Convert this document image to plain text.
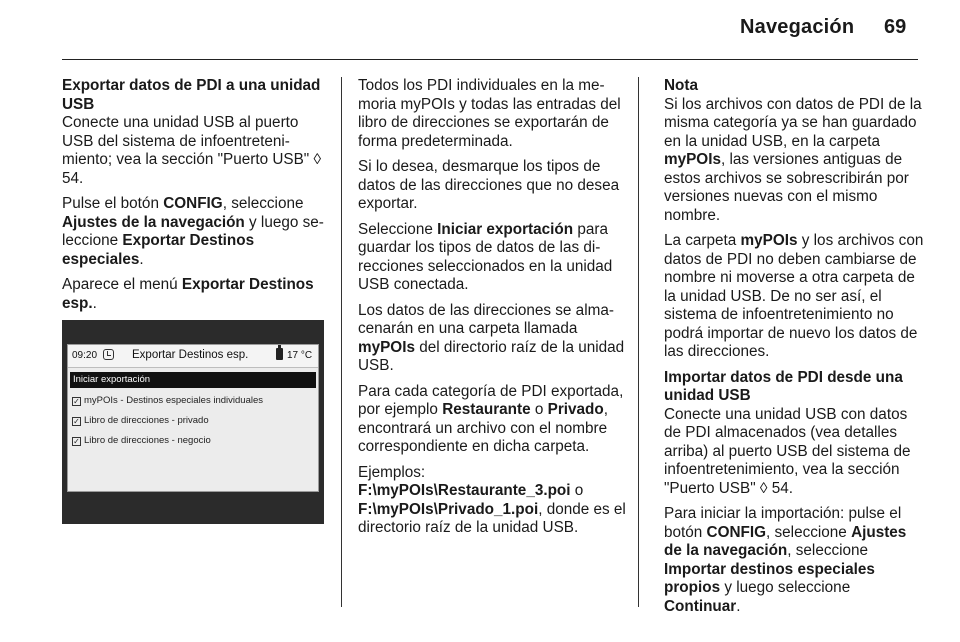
Navegación 69

Exportar datos de PDI a una unidad USB

Conecte una unidad USB al puerto USB del sistema de infoentretenimiento; vea la sección "Puerto USB" ◊ 54.

Pulse el botón CONFIG, seleccione Ajustes de la navegación y luego seleccione Exportar Destinos especiales.

Aparece el menú Exportar Destinos esp..

09:20	Exportar Destinos esp.	17 °C
Iniciar exportación
✓ myPOIs - Destinos especiales individuales
✓ Libro de direcciones - privado
✓ Libro de direcciones - negocio

Todos los PDI individuales en la memoria myPOIs y todas las entradas del libro de direcciones se exportarán de forma predeterminada.

Si lo desea, desmarque los tipos de datos de las direcciones que no desea exportar.

Seleccione Iniciar exportación para guardar los tipos de datos de las direcciones seleccionados en la unidad USB conectada.

Los datos de las direcciones se almacenarán en una carpeta llamada myPOIs del directorio raíz de la unidad USB.

Para cada categoría de PDI exportada, por ejemplo Restaurante o Privado, encontrará un archivo con el nombre correspondiente en dicha carpeta.

Ejemplos:
F:\myPOIs\Restaurante_3.poi o
F:\myPOIs\Privado_1.poi, donde es el directorio raíz de la unidad USB.

Nota

Si los archivos con datos de PDI de la misma categoría ya se han guardado en la unidad USB, en la carpeta myPOIs, las versiones antiguas de estos archivos se sobrescribirán por versiones nuevas con el mismo nombre.

La carpeta myPOIs y los archivos con datos de PDI no deben cambiarse de nombre ni moverse a otra carpeta de la unidad USB. De no ser así, el sistema de infoentretenimiento no podrá importar de nuevo los datos de las direcciones.

Importar datos de PDI desde una unidad USB

Conecte una unidad USB con datos de PDI almacenados (vea detalles arriba) al puerto USB del sistema de infoentretenimiento, vea la sección "Puerto USB" ◊ 54.

Para iniciar la importación: pulse el botón CONFIG, seleccione Ajustes de la navegación, seleccione Importar destinos especiales propios y luego seleccione Continuar.
